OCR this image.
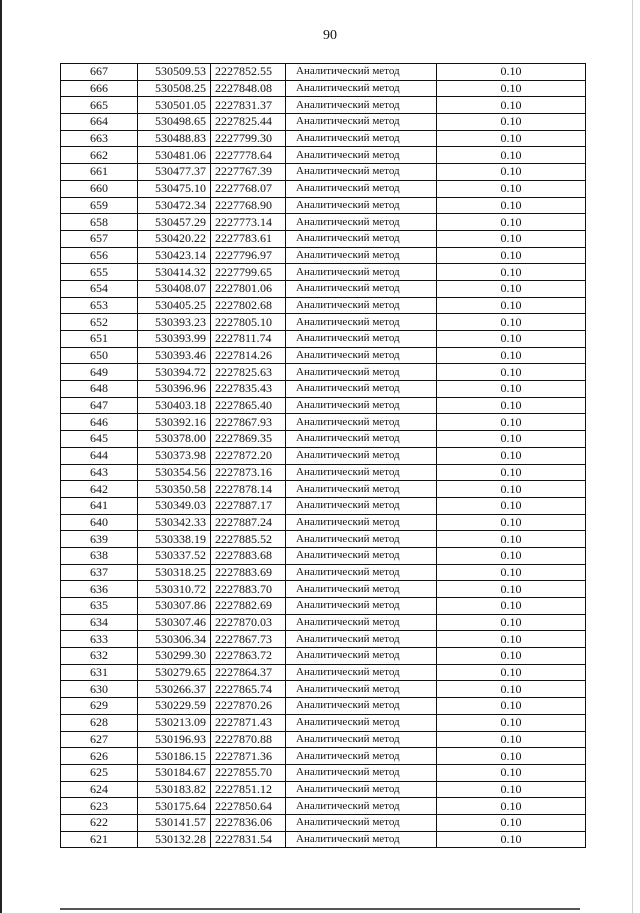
90
667	530509.53	2227852.55	Аналитический метод	0.10
666	530508.25	2227848.08	Аналитический метод	0.10
665	530501.05	2227831.37	Аналитический метод	0.10
664	530498.65	2227825.44	Аналитический метод	0.10
663	530488.83	2227799.30	Аналитический метод	0.10
662	530481.06	2227778.64	Аналитический метод	0.10
661	530477.37	2227767.39	Аналитический метод	0.10
660	530475.10	2227768.07	Аналитический метод	0.10
659	530472.34	2227768.90	Аналитический метод	0.10
658	530457.29	2227773.14	Аналитический метод	0.10
657	530420.22	2227783.61	Аналитический метод	0.10
656	530423.14	2227796.97	Аналитический метод	0.10
655	530414.32	2227799.65	Аналитический метод	0.10
654	530408.07	2227801.06	Аналитический метод	0.10
653	530405.25	2227802.68	Аналитический метод	0.10
652	530393.23	2227805.10	Аналитический метод	0.10
651	530393.99	2227811.74	Аналитический метод	0.10
650	530393.46	2227814.26	Аналитический метод	0.10
649	530394.72	2227825.63	Аналитический метод	0.10
648	530396.96	2227835.43	Аналитический метод	0.10
647	530403.18	2227865.40	Аналитический метод	0.10
646	530392.16	2227867.93	Аналитический метод	0.10
645	530378.00	2227869.35	Аналитический метод	0.10
644	530373.98	2227872.20	Аналитический метод	0.10
643	530354.56	2227873.16	Аналитический метод	0.10
642	530350.58	2227878.14	Аналитический метод	0.10
641	530349.03	2227887.17	Аналитический метод	0.10
640	530342.33	2227887.24	Аналитический метод	0.10
639	530338.19	2227885.52	Аналитический метод	0.10
638	530337.52	2227883.68	Аналитический метод	0.10
637	530318.25	2227883.69	Аналитический метод	0.10
636	530310.72	2227883.70	Аналитический метод	0.10
635	530307.86	2227882.69	Аналитический метод	0.10
634	530307.46	2227870.03	Аналитический метод	0.10
633	530306.34	2227867.73	Аналитический метод	0.10
632	530299.30	2227863.72	Аналитический метод	0.10
631	530279.65	2227864.37	Аналитический метод	0.10
630	530266.37	2227865.74	Аналитический метод	0.10
629	530229.59	2227870.26	Аналитический метод	0.10
628	530213.09	2227871.43	Аналитический метод	0.10
627	530196.93	2227870.88	Аналитический метод	0.10
626	530186.15	2227871.36	Аналитический метод	0.10
625	530184.67	2227855.70	Аналитический метод	0.10
624	530183.82	2227851.12	Аналитический метод	0.10
623	530175.64	2227850.64	Аналитический метод	0.10
622	530141.57	2227836.06	Аналитический метод	0.10
621	530132.28	2227831.54	Аналитический метод	0.10
